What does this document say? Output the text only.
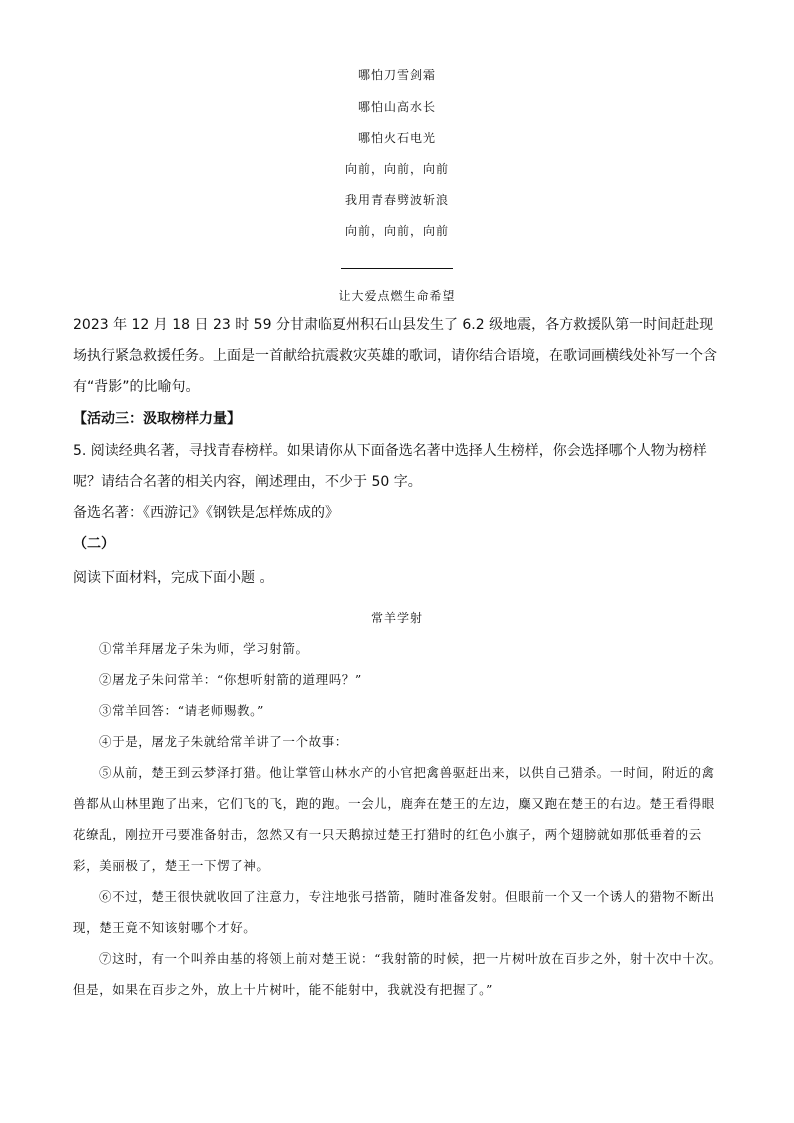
哪怕刀雪剑霜
哪怕山高水长
哪怕火石电光
向前，向前，向前
我用青春劈波斩浪
向前，向前，向前
让大爱点燃生命希望
2023 年 12 月 18 日 23 时 59 分甘肃临夏州积石山县发生了 6.2 级地震，各方救援队第一时间赶赴现场执行紧急救援任务。上面是一首献给抗震救灾英雄的歌词，请你结合语境，在歌词画横线处补写一个含有“背影”的比喻句。
【活动三：汲取榜样力量】
5. 阅读经典名著，寻找青春榜样。如果请你从下面备选名著中选择人生榜样，你会选择哪个人物为榜样呢？请结合名著的相关内容，阐述理由，不少于 50 字。
备选名著：《西游记》《钢铁是怎样炼成的》
（二）
阅读下面材料，完成下面小题 。
常羊学射
①常羊拜屠龙子朱为师，学习射箭。
②屠龙子朱问常羊：“你想听射箭的道理吗？”
③常羊回答：“请老师赐教。”
④于是，屠龙子朱就给常羊讲了一个故事：
⑤从前，楚王到云梦泽打猎。他让掌管山林水产的小官把禽兽驱赶出来，以供自己猎杀。一时间，附近的禽兽都从山林里跑了出来，它们飞的飞，跑的跑。一会儿，鹿奔在楚王的左边，麋又跑在楚王的右边。楚王看得眼花缭乱，刚拉开弓要准备射击，忽然又有一只天鹅掠过楚王打猎时的红色小旗子，两个翅膀就如那低垂着的云彩，美丽极了，楚王一下愣了神。
⑥不过，楚王很快就收回了注意力，专注地张弓搭箭，随时准备发射。但眼前一个又一个诱人的猎物不断出现，楚王竟不知该射哪个才好。
⑦这时，有一个叫养由基的将领上前对楚王说：“我射箭的时候，把一片树叶放在百步之外，射十次中十次。但是，如果在百步之外，放上十片树叶，能不能射中，我就没有把握了。”
